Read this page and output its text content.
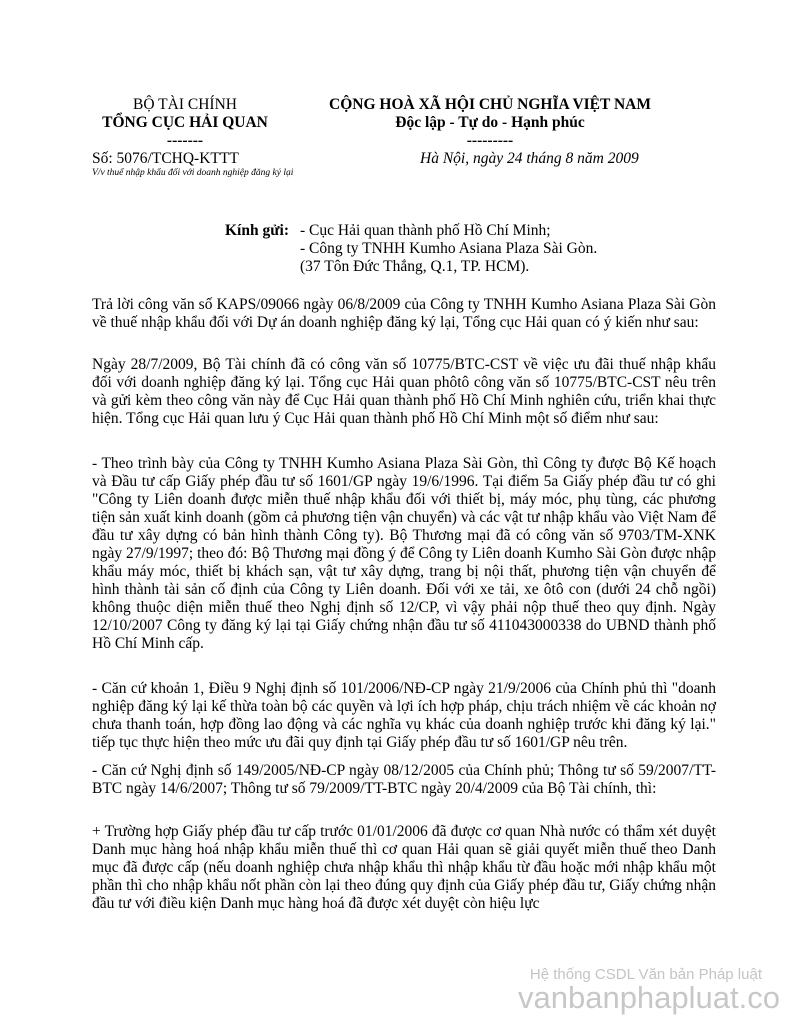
BỘ TÀI CHÍNH
TỔNG CỤC HẢI QUAN
-------
CỘNG HOÀ XÃ HỘI CHỦ NGHĨA VIỆT NAM
Độc lập - Tự do - Hạnh phúc
---------
Số: 5076/TCHQ-KTTT
V/v thuế nhập khẩu đối với doanh nghiệp đăng ký lại
Hà Nội, ngày 24 tháng 8 năm 2009
Kính gửi: - Cục Hải quan thành phố Hồ Chí Minh;
- Công ty TNHH Kumho Asiana Plaza Sài Gòn.
(37 Tôn Đức Thắng, Q.1, TP. HCM).

Trả lời công văn số KAPS/09066 ngày 06/8/2009 của Công ty TNHH Kumho Asiana Plaza Sài Gòn về thuế nhập khẩu đối với Dự án doanh nghiệp đăng ký lại, Tổng cục Hải quan có ý kiến như sau:

Ngày 28/7/2009, Bộ Tài chính đã có công văn số 10775/BTC-CST về việc ưu đãi thuế nhập khẩu đối với doanh nghiệp đăng ký lại. Tổng cục Hải quan phôtô công văn số 10775/BTC-CST nêu trên và gửi kèm theo công văn này để Cục Hải quan thành phố Hồ Chí Minh nghiên cứu, triển khai thực hiện. Tổng cục Hải quan lưu ý Cục Hải quan thành phố Hồ Chí Minh một số điểm như sau:

- Theo trình bày của Công ty TNHH Kumho Asiana Plaza Sài Gòn, thì Công ty được Bộ Kế hoạch và Đầu tư cấp Giấy phép đầu tư số 1601/GP ngày 19/6/1996. Tại điểm 5a Giấy phép đầu tư có ghi "Công ty Liên doanh được miễn thuế nhập khẩu đối với thiết bị, máy móc, phụ tùng, các phương tiện sản xuất kinh doanh (gồm cả phương tiện vận chuyển) và các vật tư nhập khẩu vào Việt Nam để đầu tư xây dựng có bản hình thành Công ty). Bộ Thương mại đã có công văn số 9703/TM-XNK ngày 27/9/1997; theo đó: Bộ Thương mại đồng ý để Công ty Liên doanh Kumho Sài Gòn được nhập khẩu máy móc, thiết bị khách sạn, vật tư xây dựng, trang bị nội thất, phương tiện vận chuyển để hình thành tài sản cố định của Công ty Liên doanh. Đối với xe tải, xe ôtô con (dưới 24 chỗ ngồi) không thuộc diện miễn thuế theo Nghị định số 12/CP, vì vậy phải nộp thuế theo quy định. Ngày 12/10/2007 Công ty đăng ký lại tại Giấy chứng nhận đầu tư số 411043000338 do UBND thành phố Hồ Chí Minh cấp.

- Căn cứ khoản 1, Điều 9 Nghị định số 101/2006/NĐ-CP ngày 21/9/2006 của Chính phủ thì "doanh nghiệp đăng ký lại kế thừa toàn bộ các quyền và lợi ích hợp pháp, chịu trách nhiệm về các khoản nợ chưa thanh toán, hợp đồng lao động và các nghĩa vụ khác của doanh nghiệp trước khi đăng ký lại." tiếp tục thực hiện theo mức ưu đãi quy định tại Giấy phép đầu tư số 1601/GP nêu trên.

- Căn cứ Nghị định số 149/2005/NĐ-CP ngày 08/12/2005 của Chính phủ; Thông tư số 59/2007/TT-BTC ngày 14/6/2007; Thông tư số 79/2009/TT-BTC ngày 20/4/2009 của Bộ Tài chính, thì:

+ Trường hợp Giấy phép đầu tư cấp trước 01/01/2006 đã được cơ quan Nhà nước có thẩm xét duyệt Danh mục hàng hoá nhập khẩu miễn thuế thì cơ quan Hải quan sẽ giải quyết miễn thuế theo Danh mục đã được cấp (nếu doanh nghiệp chưa nhập khẩu thì nhập khẩu từ đầu hoặc mới nhập khẩu một phần thì cho nhập khẩu nốt phần còn lại theo đúng quy định của Giấy phép đầu tư, Giấy chứng nhận đầu tư với điều kiện Danh mục hàng hoá đã được xét duyệt còn hiệu lực

Hệ thống CSDL Văn bản Pháp luật
vanbanphapluat.co
